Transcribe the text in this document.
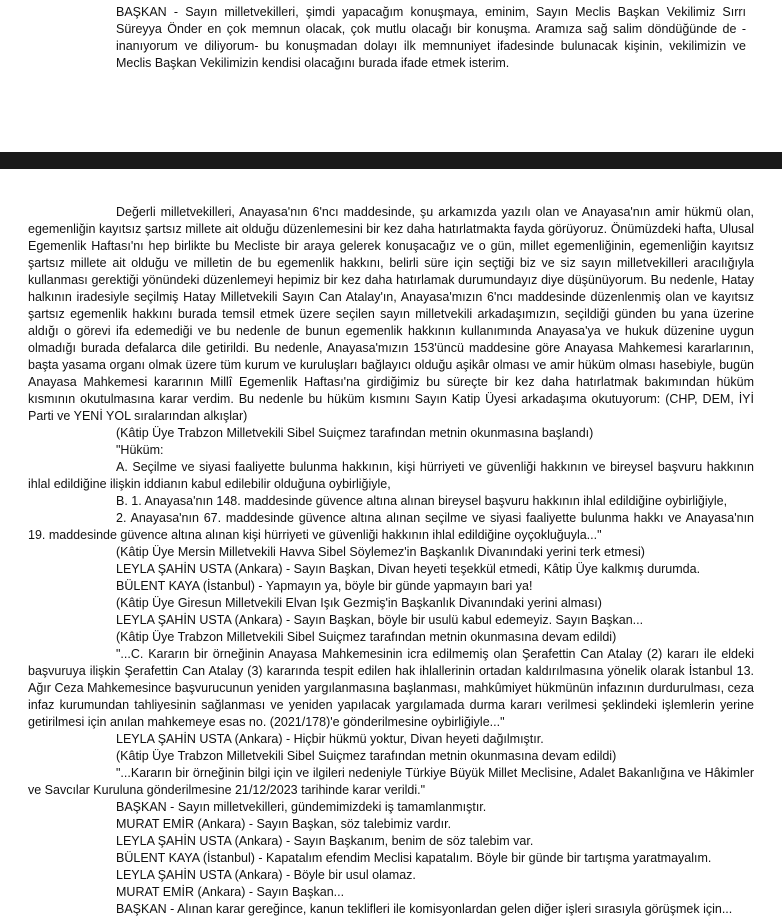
BAŞKAN - Sayın milletvekilleri, şimdi yapacağım konuşmaya, eminim, Sayın Meclis Başkan Vekilimiz Sırrı Süreyya Önder en çok memnun olacak, çok mutlu olacağı bir konuşma. Aramıza sağ salim döndüğünde de -inanıyorum ve diliyorum- bu konuşmadan dolayı ilk memnuniyet ifadesinde bulunacak kişinin, vekilimizin ve Meclis Başkan Vekilimizin kendisi olacağını burada ifade etmek isterim.

Değerli milletvekilleri, Anayasa'nın 6'ncı maddesinde, şu arkamızda yazılı olan ve Anayasa'nın amir hükmü olan, egemenliğin kayıtsız şartsız millete ait olduğu düzenlemesini bir kez daha hatırlatmakta fayda görüyoruz. Önümüzdeki hafta, Ulusal Egemenlik Haftası'nı hep birlikte bu Mecliste bir araya gelerek konuşacağız ve o gün, millet egemenliğinin, egemenliğin kayıtsız şartsız millete ait olduğu ve milletin de bu egemenlik hakkını, belirli süre için seçtiği biz ve siz sayın milletvekilleri aracılığıyla kullanması gerektiği yönündeki düzenlemeyi hepimiz bir kez daha hatırlamak durumundayız diye düşünüyorum. Bu nedenle, Hatay halkının iradesiyle seçilmiş Hatay Milletvekili Sayın Can Atalay'ın, Anayasa'mızın 6'ncı maddesinde düzenlenmiş olan ve kayıtsız şartsız egemenlik hakkını burada temsil etmek üzere seçilen sayın milletvekili arkadaşımızın, seçildiği günden bu yana üzerine aldığı o görevi ifa edemediği ve bu nedenle de bunun egemenlik hakkının kullanımında Anayasa'ya ve hukuk düzenine uygun olmadığı burada defalarca dile getirildi. Bu nedenle, Anayasa'mızın 153'üncü maddesine göre Anayasa Mahkemesi kararlarının, başta yasama organı olmak üzere tüm kurum ve kuruluşları bağlayıcı olduğu aşikâr olması ve amir hüküm olması hasebiyle, bugün Anayasa Mahkemesi kararının Millî Egemenlik Haftası'na girdiğimiz bu süreçte bir kez daha hatırlatmak bakımından hüküm kısmının okutulmasına karar verdim. Bu nedenle bu hüküm kısmını Sayın Katip Üyesi arkadaşıma okutuyorum: (CHP, DEM, İYİ Parti ve YENİ YOL sıralarından alkışlar)

(Kâtip Üye Trabzon Milletvekili Sibel Suiçmez tarafından metnin okunmasına başlandı)

"Hüküm:

A. Seçilme ve siyasi faaliyette bulunma hakkının, kişi hürriyeti ve güvenliği hakkının ve bireysel başvuru hakkının ihlal edildiğine ilişkin iddianın kabul edilebilir olduğuna oybirliğiyle,

B. 1. Anayasa'nın 148. maddesinde güvence altına alınan bireysel başvuru hakkının ihlal edildiğine oybirliğiyle,

2. Anayasa'nın 67. maddesinde güvence altına alınan seçilme ve siyasi faaliyette bulunma hakkı ve Anayasa'nın 19. maddesinde güvence altına alınan kişi hürriyeti ve güvenliği hakkının ihlal edildiğine oyçokluğuyla..."

(Kâtip Üye Mersin Milletvekili Havva Sibel Söylemez'in Başkanlık Divanındaki yerini terk etmesi)

LEYLA ŞAHİN USTA (Ankara) - Sayın Başkan, Divan heyeti teşekkül etmedi, Kâtip Üye kalkmış durumda.

BÜLENT KAYA (İstanbul) - Yapmayın ya, böyle bir günde yapmayın bari ya!

(Kâtip Üye Giresun Milletvekili Elvan Işık Gezmiş'in Başkanlık Divanındaki yerini alması)

LEYLA ŞAHİN USTA (Ankara) - Sayın Başkan, böyle bir usulü kabul edemeyiz. Sayın Başkan...

(Kâtip Üye Trabzon Milletvekili Sibel Suiçmez tarafından metnin okunmasına devam edildi)

"...C. Kararın bir örneğinin Anayasa Mahkemesinin icra edilmemiş olan Şerafettin Can Atalay (2) kararı ile eldeki başvuruya ilişkin Şerafettin Can Atalay (3) kararında tespit edilen hak ihlallerinin ortadan kaldırılmasına yönelik olarak İstanbul 13. Ağır Ceza Mahkemesince başvurucunun yeniden yargılanmasına başlanması, mahkûmiyet hükmünün infazının durdurulması, ceza infaz kurumundan tahliyesinin sağlanması ve yeniden yapılacak yargılamada durma kararı verilmesi şeklindeki işlemlerin yerine getirilmesi için anılan mahkemeye esas no. (2021/178)'e gönderilmesine oybirliğiyle..."

LEYLA ŞAHİN USTA (Ankara) - Hiçbir hükmü yoktur, Divan heyeti dağılmıştır.

(Kâtip Üye Trabzon Milletvekili Sibel Suiçmez tarafından metnin okunmasına devam edildi)

"...Kararın bir örneğinin bilgi için ve ilgileri nedeniyle Türkiye Büyük Millet Meclisine, Adalet Bakanlığına ve Hâkimler ve Savcılar Kuruluna gönderilmesine 21/12/2023 tarihinde karar verildi."

BAŞKAN - Sayın milletvekilleri, gündemimizdeki iş tamamlanmıştır.

MURAT EMİR (Ankara) - Sayın Başkan, söz talebimiz vardır.

LEYLA ŞAHİN USTA (Ankara) - Sayın Başkanım, benim de söz talebim var.

BÜLENT KAYA (İstanbul) - Kapatalım efendim Meclisi kapatalım. Böyle bir günde bir tartışma yaratmayalım.

LEYLA ŞAHİN USTA (Ankara) - Böyle bir usul olamaz.

MURAT EMİR (Ankara) - Sayın Başkan...

BAŞKAN - Alınan karar gereğince, kanun teklifleri ile komisyonlardan gelen diğer işleri sırasıyla görüşmek için...
